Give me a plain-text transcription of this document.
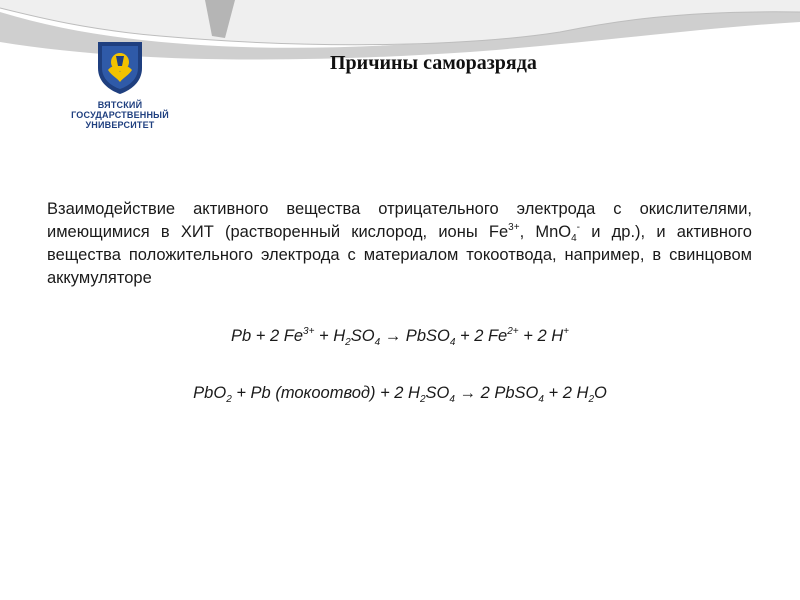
ВЯТСКИЙ
ГОСУДАРСТВЕННЫЙ
УНИВЕРСИТЕТ
Причины саморазряда
Взаимодействие активного вещества отрицательного электрода с окислителями, имеющимися в ХИТ (растворенный кислород, ионы $Fe^{3+}$, MnO$_4$- и др.), и активного вещества положительного электрода с материалом токоотвода, например, в свинцовом аккумуляторе
Pb + 2 $Fe^{3+} + H_2SO_4$ → PbSO$_4$ + 2 $Fe^{2+} + 2$ H+
PbO$_2$ + Pb (токоотвод) + 2 $H_2SO_4 \to 2$ PbSO$_4$ + 2 $H_2O$
